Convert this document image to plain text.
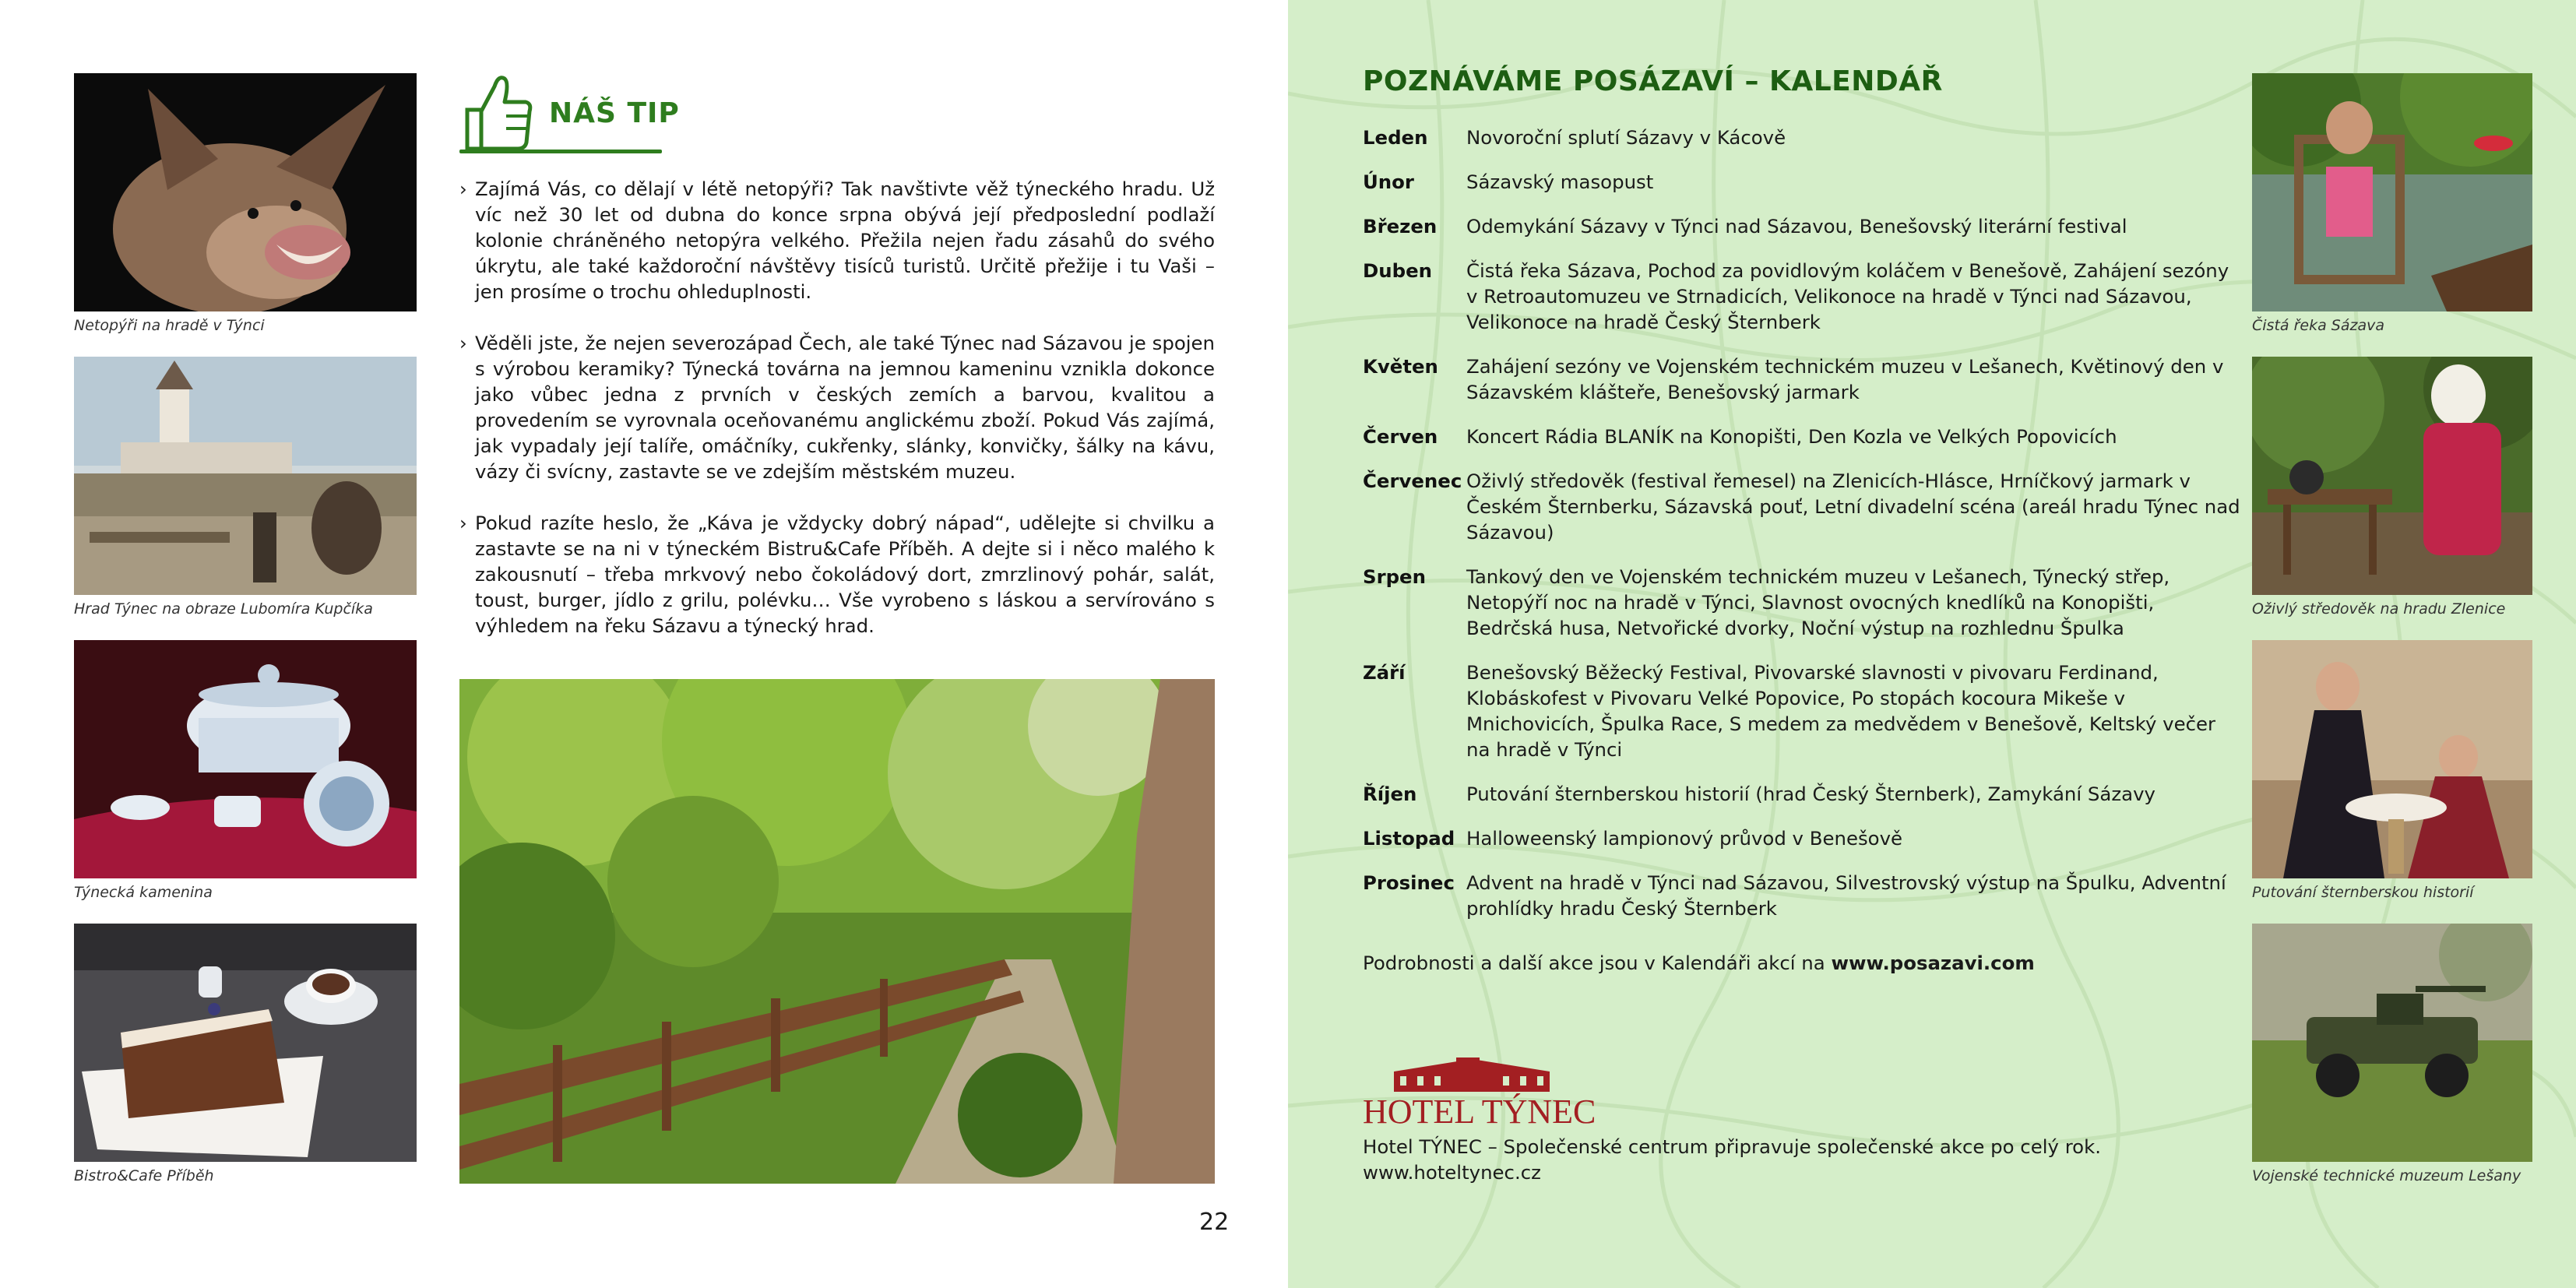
Netopýři na hradě v Týnci
Hrad Týnec na obraze Lubomíra Kupčíka
Týnecká kamenina
Bistro&Cafe Příběh
NÁŠ TIP

› Zajímá Vás, co dělají v létě netopýři? Tak navštivte věž týneckého hradu. Už víc než 30 let od dubna do konce srpna obývá její předposlední podlaží kolonie chráněného netopýra velkého. Přežila nejen řadu zásahů do svého úkrytu, ale také každoroční návštěvy tisíců turistů. Určitě přežije i tu Vaši – jen prosíme o trochu ohleduplnosti.

› Věděli jste, že nejen severozápad Čech, ale také Týnec nad Sázavou je spojen s výrobou keramiky? Týnecká továrna na jemnou kameninu vznikla dokonce jako vůbec jedna z prvních v českých zemích a barvou, kvalitou a provedením se vyrovnala oceňovanému anglickému zboží. Pokud Vás zajímá, jak vypadaly její talíře, omáčníky, cukřenky, slánky, konvičky, šálky na kávu, vázy či svícny, zastavte se ve zdejším městském muzeu.

› Pokud razíte heslo, že „Káva je vždycky dobrý nápad“, udělejte si chvilku a zastavte se na ni v týneckém Bistru&Cafe Příběh. A dejte si i něco malého k zakousnutí – třeba mrkvový nebo čokoládový dort, zmrzlinový pohár, salát, toust, burger, jídlo z grilu, polévku… Vše vyrobeno s láskou a servírováno s výhledem na řeku Sázavu a týnecký hrad.

22
POZNÁVÁME POSÁZAVÍ – KALENDÁŘ
Leden	Novoroční splutí Sázavy v Kácově
Únor	Sázavský masopust
Březen	Odemykání Sázavy v Týnci nad Sázavou, Benešovský literární festival
Duben	Čistá řeka Sázava, Pochod za povidlovým koláčem v Benešově, Zahájení sezóny v Retroautomuzeu ve Strnadicích, Velikonoce na hradě v Týnci nad Sázavou, Velikonoce na hradě Český Šternberk
Květen	Zahájení sezóny ve Vojenském technickém muzeu v Lešanech, Květinový den v Sázavském klášteře, Benešovský jarmark
Červen	Koncert Rádia BLANÍK na Konopišti, Den Kozla ve Velkých Popovicích
Červenec Oživlý středověk (festival řemesel) na Zlenicích-Hlásce, Hrníčkový jarmark v Českém Šternberku, Sázavská pouť, Letní divadelní scéna (areál hradu Týnec nad Sázavou)
Srpen	Tankový den ve Vojenském technickém muzeu v Lešanech, Týnecký střep, Netopýří noc na hradě v Týnci, Slavnost ovocných knedlíků na Konopišti, Bedrčská husa, Netvořické dvorky, Noční výstup na rozhlednu Špulka
Září	Benešovský Běžecký Festival, Pivovarské slavnosti v pivovaru Ferdinand, Klobáskofest v Pivovaru Velké Popovice, Po stopách kocoura Mikeše v Mnichovicích, Špulka Race, S medem za medvědem v Benešově, Keltský večer na hradě v Týnci
Říjen	Putování šternberskou historií (hrad Český Šternberk), Zamykání Sázavy
Listopad Halloweenský lampionový průvod v Benešově
Prosinec Advent na hradě v Týnci nad Sázavou, Silvestrovský výstup na Špulku, Adventní prohlídky hradu Český Šternberk
Podrobnosti a další akce jsou v Kalendáři akcí na www.posazavi.com
HOTEL TÝNEC
Hotel TÝNEC – Společenské centrum připravuje společenské akce po celý rok.
www.hoteltynec.cz
Čistá řeka Sázava
Oživlý středověk na hradu Zlenice
Putování šternberskou historií
Vojenské technické muzeum Lešany
